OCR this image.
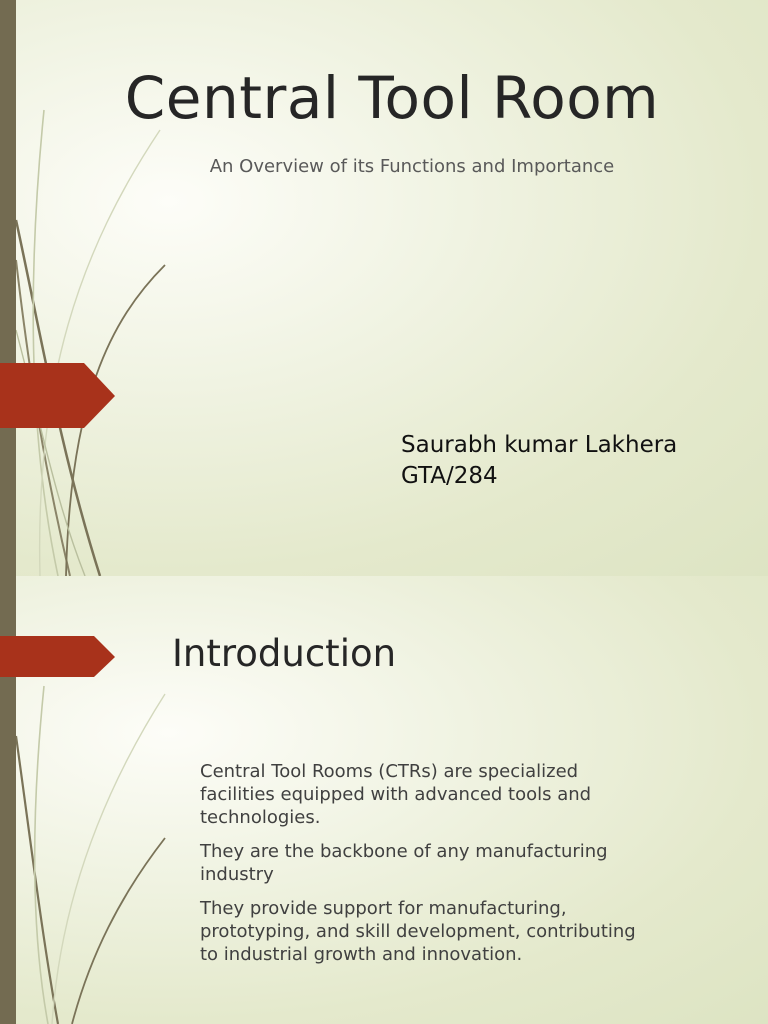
Central Tool Room

An Overview of its Functions and Importance

Saurabh kumar Lakhera
GTA/284
Introduction
Central Tool Rooms (CTRs) are specialized facilities equipped with advanced tools and technologies.
They are the backbone of any manufacturing industry
They provide support for manufacturing, prototyping, and skill development, contributing to industrial growth and innovation.
